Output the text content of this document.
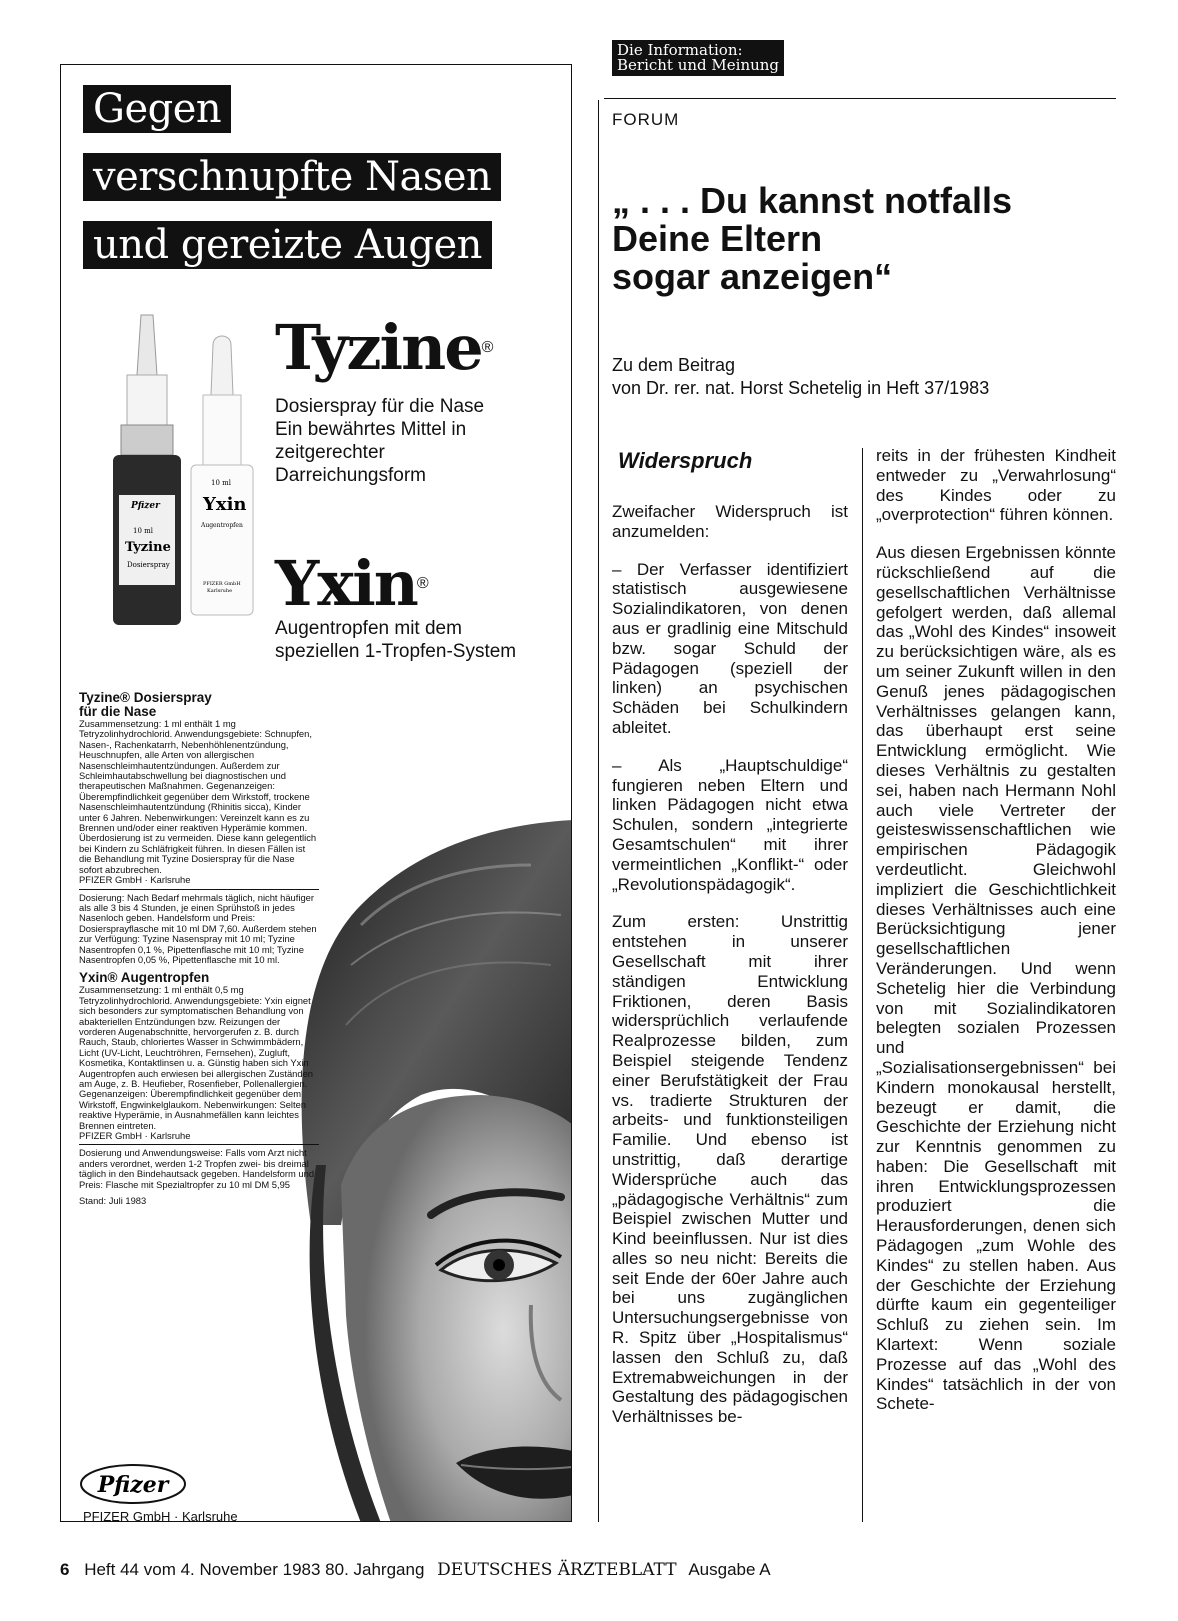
Gegen
verschnupfte Nasen
und gereizte Augen
Pfizer
10 ml
Tyzine
Dosierspray
10 ml
Yxin
Augentropfen
PFIZER GmbH
Karlsruhe
Tyzine®
Dosierspray für die Nase
Ein bewährtes Mittel in
zeitgerechter
Darreichungsform
Yxin®
Augentropfen mit dem
speziellen 1-Tropfen-System
Tyzine® Dosierspray
für die Nase

Zusammensetzung: 1 ml enthält 1 mg Tetryzolinhydrochlorid. Anwendungsgebiete: Schnupfen, Nasen-, Rachenkatarrh, Nebenhöhlenentzündung, Heuschnupfen, alle Arten von allergischen Nasenschleimhautentzündungen. Außerdem zur Schleimhautabschwellung bei diagnostischen und therapeutischen Maßnahmen. Gegenanzeigen: Überempfindlichkeit gegenüber dem Wirkstoff, trockene Nasenschleimhautentzündung (Rhinitis sicca), Kinder unter 6 Jahren. Nebenwirkungen: Vereinzelt kann es zu Brennen und/oder einer reaktiven Hyperämie kommen. Überdosierung ist zu vermeiden. Diese kann gelegentlich bei Kindern zu Schläfrigkeit führen. In diesen Fällen ist die Behandlung mit Tyzine Dosierspray für die Nase sofort abzubrechen.

PFIZER GmbH · Karlsruhe

Dosierung: Nach Bedarf mehrmals täglich, nicht häufiger als alle 3 bis 4 Stunden, je einen Sprühstoß in jedes Nasenloch geben. Handelsform und Preis: Dosiersprayflasche mit 10 ml DM 7,60. Außerdem stehen zur Verfügung: Tyzine Nasenspray mit 10 ml; Tyzine Nasentropfen 0,1 %, Pipettenflasche mit 10 ml; Tyzine Nasentropfen 0,05 %, Pipettenflasche mit 10 ml.

Yxin® Augentropfen

Zusammensetzung: 1 ml enthält 0,5 mg Tetryzolinhydrochlorid. Anwendungsgebiete: Yxin eignet sich besonders zur symptomatischen Behandlung von abakteriellen Entzündungen bzw. Reizungen der vorderen Augenabschnitte, hervorgerufen z. B. durch Rauch, Staub, chloriertes Wasser in Schwimmbädern, Licht (UV-Licht, Leuchtröhren, Fernsehen), Zugluft, Kosmetika, Kontaktlinsen u. a. Günstig haben sich Yxin Augentropfen auch erwiesen bei allergischen Zuständen am Auge, z. B. Heufieber, Rosenfieber, Pollenallergien. Gegenanzeigen: Überempfindlichkeit gegenüber dem Wirkstoff, Engwinkelglaukom. Nebenwirkungen: Selten reaktive Hyperämie, in Ausnahmefällen kann leichtes Brennen eintreten.

PFIZER GmbH · Karlsruhe

Dosierung und Anwendungsweise: Falls vom Arzt nicht anders verordnet, werden 1-2 Tropfen zwei- bis dreimal täglich in den Bindehautsack gegeben. Handelsform und Preis: Flasche mit Spezialtropfer zu 10 ml DM 5,95

Stand: Juli 1983

Pfizer
PFIZER GmbH · Karlsruhe
Die Information:
Bericht und Meinung
FORUM
„ . . . Du kannst notfalls
Deine Eltern
sogar anzeigen“
Zu dem Beitrag
von Dr. rer. nat. Horst Schetelig in Heft 37/1983
Widerspruch

Zweifacher Widerspruch ist anzumelden:

– Der Verfasser identifiziert statistisch ausgewiesene Sozialindikatoren, von denen aus er gradlinig eine Mitschuld bzw. sogar Schuld der Pädagogen (speziell der linken) an psychischen Schäden bei Schulkindern ableitet.

– Als „Hauptschuldige“ fungieren neben Eltern und linken Pädagogen nicht etwa Schulen, sondern „integrierte Gesamtschulen“ mit ihrer vermeintlichen „Konflikt-“ oder „Revolutionspädagogik“.

Zum ersten: Unstrittig entstehen in unserer Gesellschaft mit ihrer ständigen Entwicklung Friktionen, deren Basis widersprüchlich verlaufende Realprozesse bilden, zum Beispiel steigende Tendenz einer Berufstätigkeit der Frau vs. tradierte Strukturen der arbeits- und funktionsteiligen Familie. Und ebenso ist unstrittig, daß derartige Widersprüche auch das „pädagogische Verhältnis“ zum Beispiel zwischen Mutter und Kind beeinflussen. Nur ist dies alles so neu nicht: Bereits die seit Ende der 60er Jahre auch bei uns zugänglichen Untersuchungsergebnisse von R. Spitz über „Hospitalismus“ lassen den Schluß zu, daß Extremabweichungen in der Gestaltung des pädagogischen Verhältnisses be-

reits in der frühesten Kindheit entweder zu „Verwahrlosung“ des Kindes oder zu „overprotection“ führen können.

Aus diesen Ergebnissen könnte rückschließend auf die gesellschaftlichen Verhältnisse gefolgert werden, daß allemal das „Wohl des Kindes“ insoweit zu berücksichtigen wäre, als es um seiner Zukunft willen in den Genuß jenes pädagogischen Verhältnisses gelangen kann, das überhaupt erst seine Entwicklung ermöglicht. Wie dieses Verhältnis zu gestalten sei, haben nach Hermann Nohl auch viele Vertreter der geisteswissenschaftlichen wie empirischen Pädagogik verdeutlicht. Gleichwohl impliziert die Geschichtlichkeit dieses Verhältnisses auch eine Berücksichtigung jener gesellschaftlichen Veränderungen. Und wenn Schetelig hier die Verbindung von mit Sozialindikatoren belegten sozialen Prozessen und „Sozialisationsergebnissen“ bei Kindern monokausal herstellt, bezeugt er damit, die Geschichte der Erziehung nicht zur Kenntnis genommen zu haben: Die Gesellschaft mit ihren Entwicklungsprozessen produziert die Herausforderungen, denen sich Pädagogen „zum Wohle des Kindes“ zu stellen haben. Aus der Geschichte der Erziehung dürfte kaum ein gegenteiliger Schluß zu ziehen sein. Im Klartext: Wenn soziale Prozesse auf das „Wohl des Kindes“ tatsächlich in der von Schete-

6 Heft 44 vom 4. November 1983 80. Jahrgang DEUTSCHES ÄRZTEBLATT Ausgabe A
